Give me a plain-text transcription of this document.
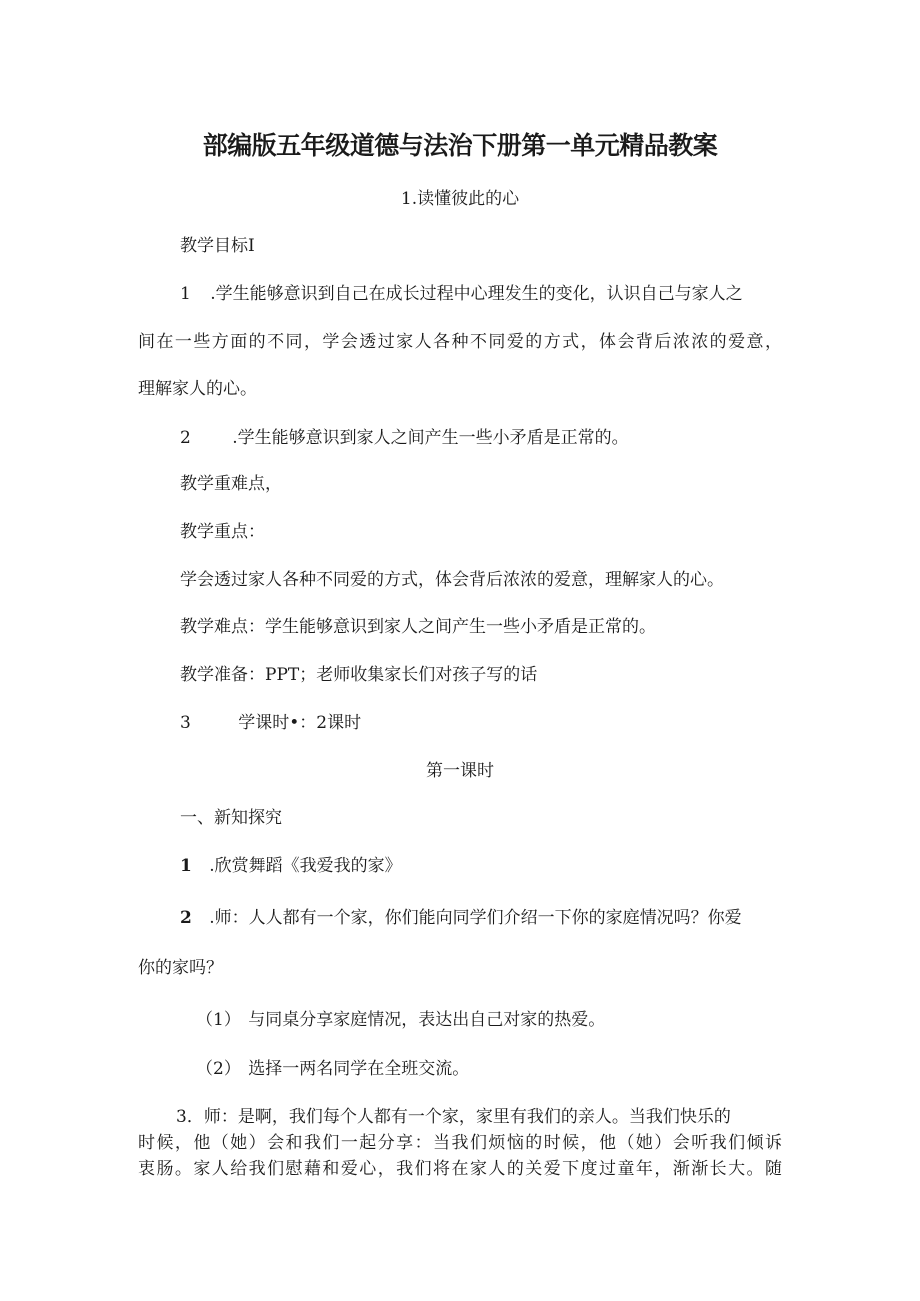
部编版五年级道德与法治下册第一单元精品教案
1.读懂彼此的心
教学目标I
1 .学生能够意识到自己在成长过程中心理发生的变化，认识自己与家人之
间在一些方面的不同，学会透过家人各种不同爱的方式，体会背后浓浓的爱意，
理解家人的心。
2 .学生能够意识到家人之间产生一些小矛盾是正常的。
教学重难点，
教学重点：
学会透过家人各种不同爱的方式，体会背后浓浓的爱意，理解家人的心。
教学难点：学生能够意识到家人之间产生一些小矛盾是正常的。
教学准备：PPT；老师收集家长们对孩子写的话
3	学课时•：2课时
第一课时
一、新知探究
1 .欣赏舞蹈《我爱我的家》
2 .师：人人都有一个家，你们能向同学们介绍一下你的家庭情况吗？你爱
你的家吗？
（1） 与同桌分享家庭情况，表达出自己对家的热爱。
（2） 选择一两名同学在全班交流。
3．师：是啊，我们每个人都有一个家，家里有我们的亲人。当我们快乐的
时候，他（她）会和我们一起分享：当我们烦恼的时候，他（她）会听我们倾诉
衷肠。家人给我们慰藉和爱心，我们将在家人的关爱下度过童年，渐渐长大。随
